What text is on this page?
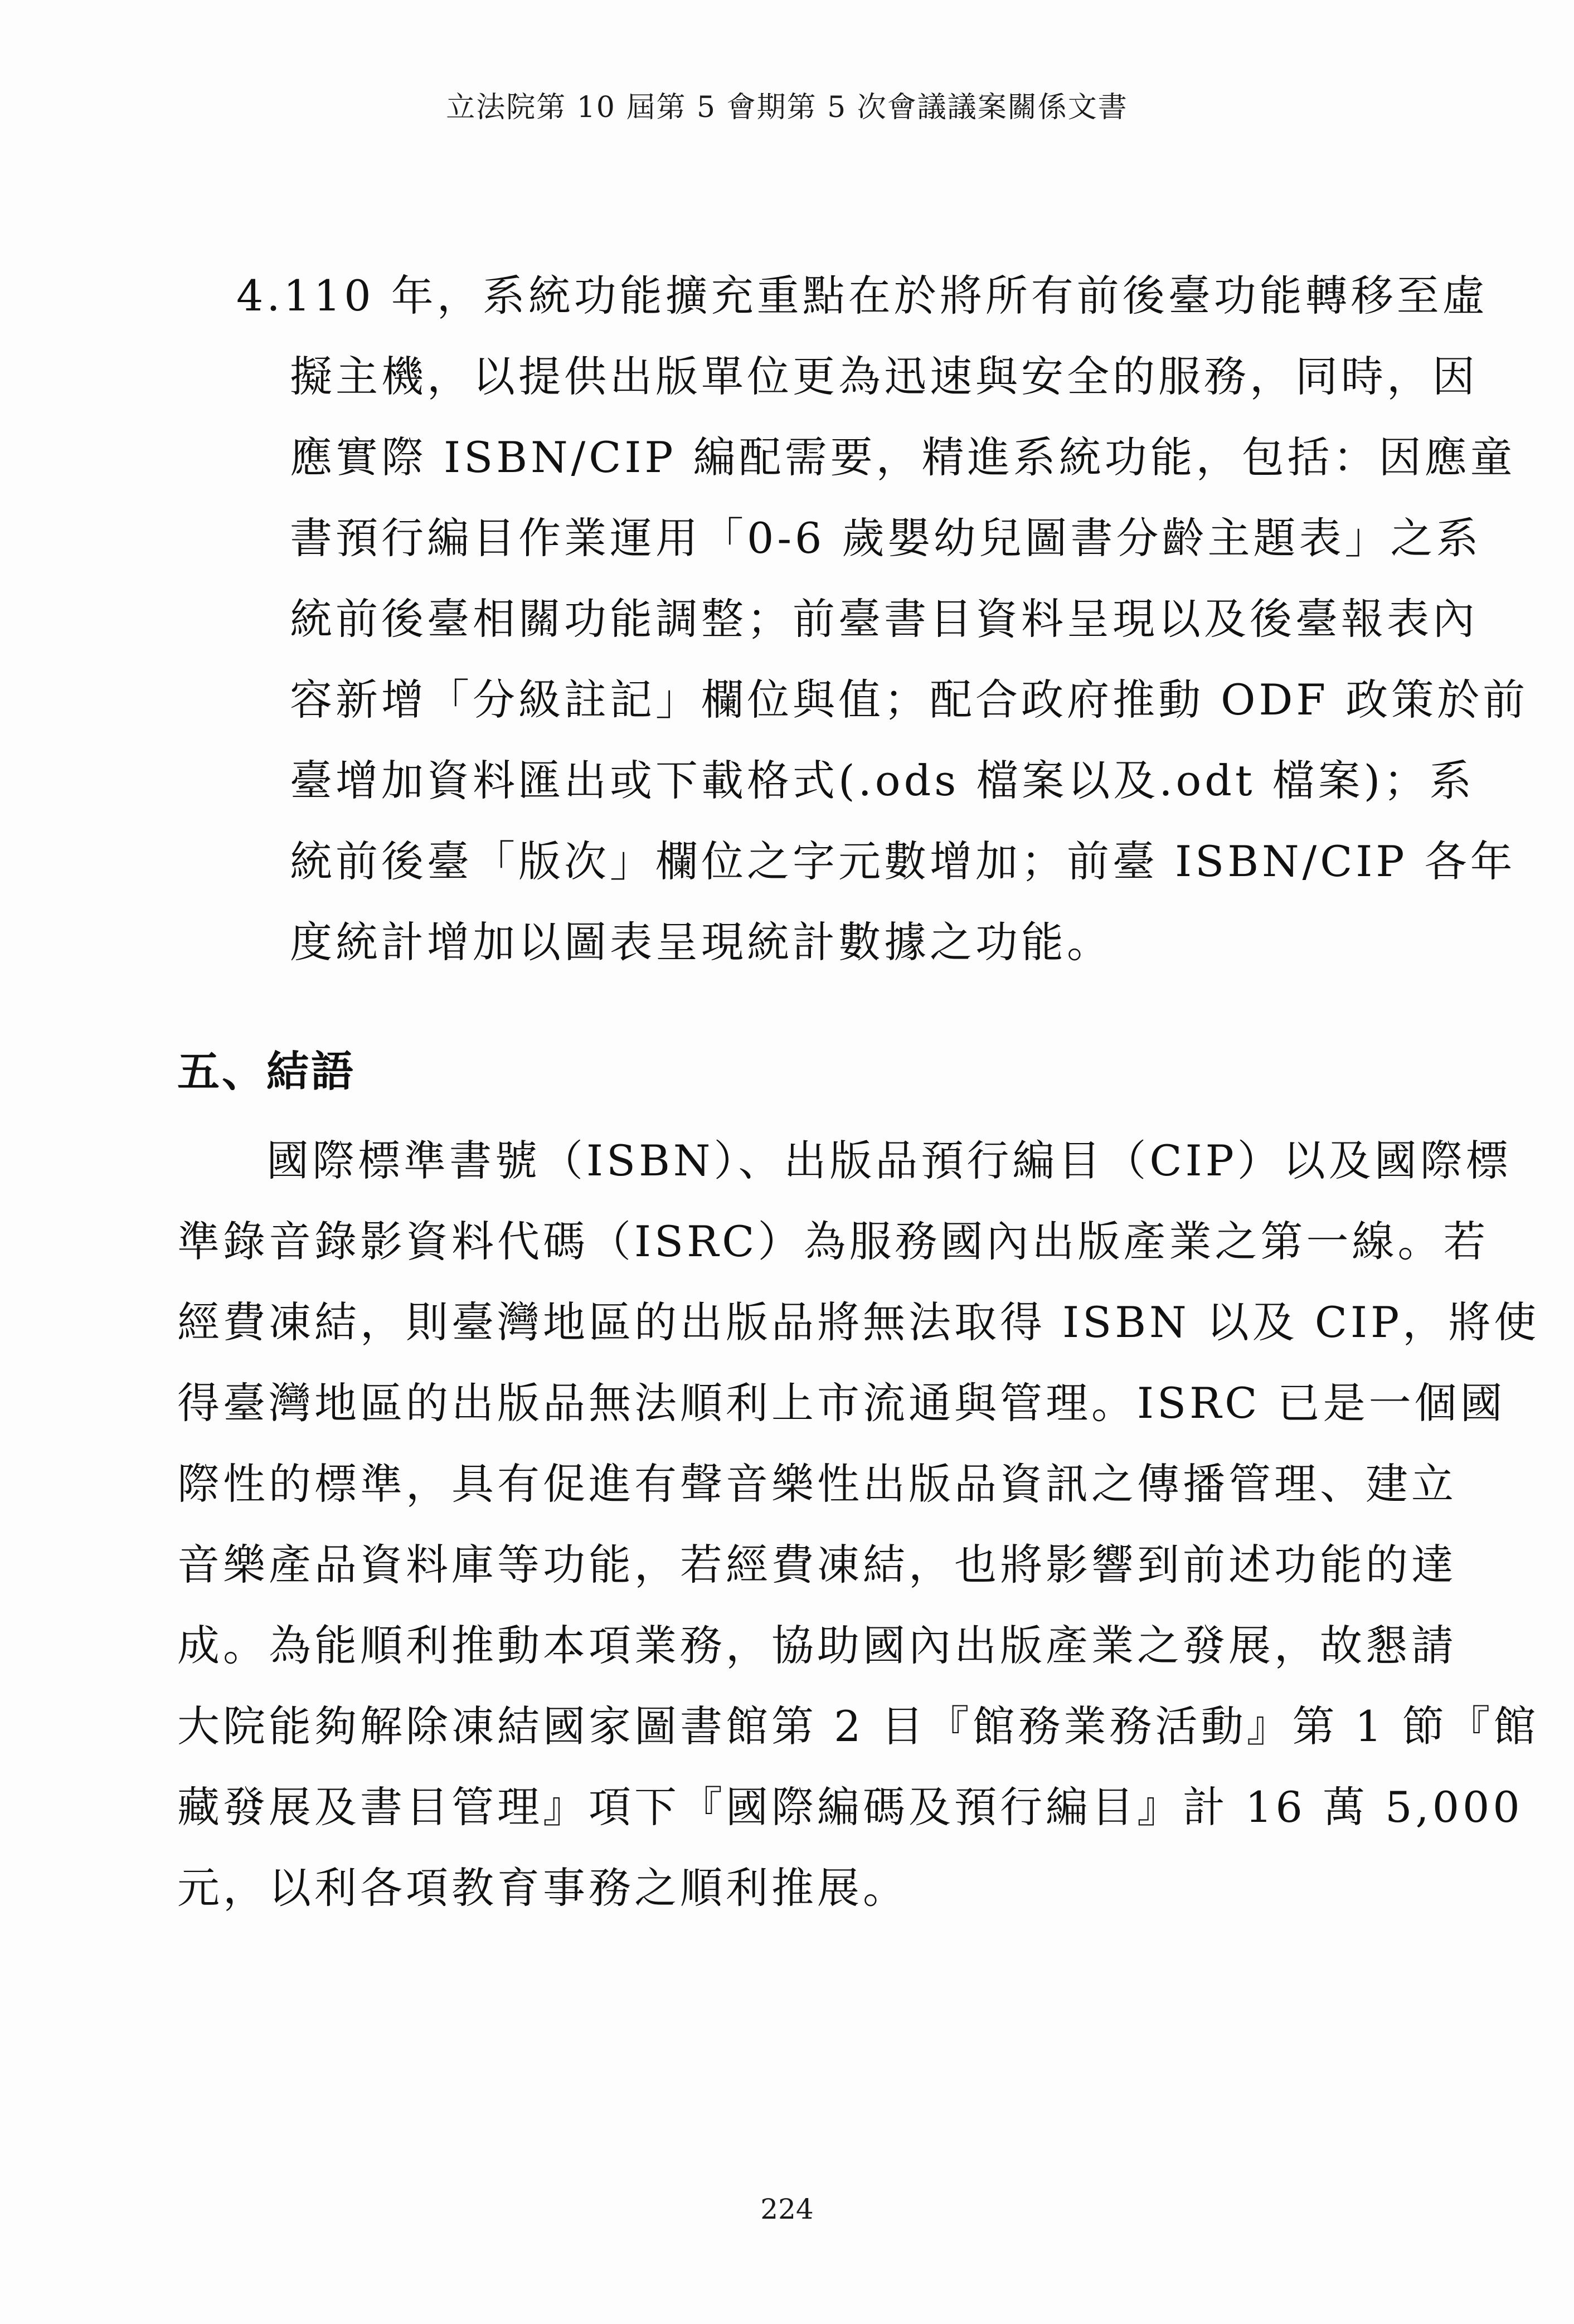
立法院第 10 屆第 5 會期第 5 次會議議案關係文書
4.110 年，系統功能擴充重點在於將所有前後臺功能轉移至虛
擬主機，以提供出版單位更為迅速與安全的服務，同時，因
應實際 ISBN/CIP 編配需要，精進系統功能，包括：因應童
書預行編目作業運用「0-6 歲嬰幼兒圖書分齡主題表」之系
統前後臺相關功能調整；前臺書目資料呈現以及後臺報表內
容新增「分級註記」欄位與值；配合政府推動 ODF 政策於前
臺增加資料匯出或下載格式(.ods 檔案以及.odt 檔案)；系
統前後臺「版次」欄位之字元數增加；前臺 ISBN/CIP 各年
度統計增加以圖表呈現統計數據之功能。
五、結語
國際標準書號（ISBN）、出版品預行編目（CIP）以及國際標
準錄音錄影資料代碼（ISRC）為服務國內出版產業之第一線。若
經費凍結，則臺灣地區的出版品將無法取得 ISBN 以及 CIP，將使
得臺灣地區的出版品無法順利上市流通與管理。ISRC 已是一個國
際性的標準，具有促進有聲音樂性出版品資訊之傳播管理、建立
音樂產品資料庫等功能，若經費凍結，也將影響到前述功能的達
成。為能順利推動本項業務，協助國內出版產業之發展，故懇請
大院能夠解除凍結國家圖書館第 2 目『館務業務活動』第 1 節『館
藏發展及書目管理』項下『國際編碼及預行編目』計 16 萬 5,000
元，以利各項教育事務之順利推展。
224
